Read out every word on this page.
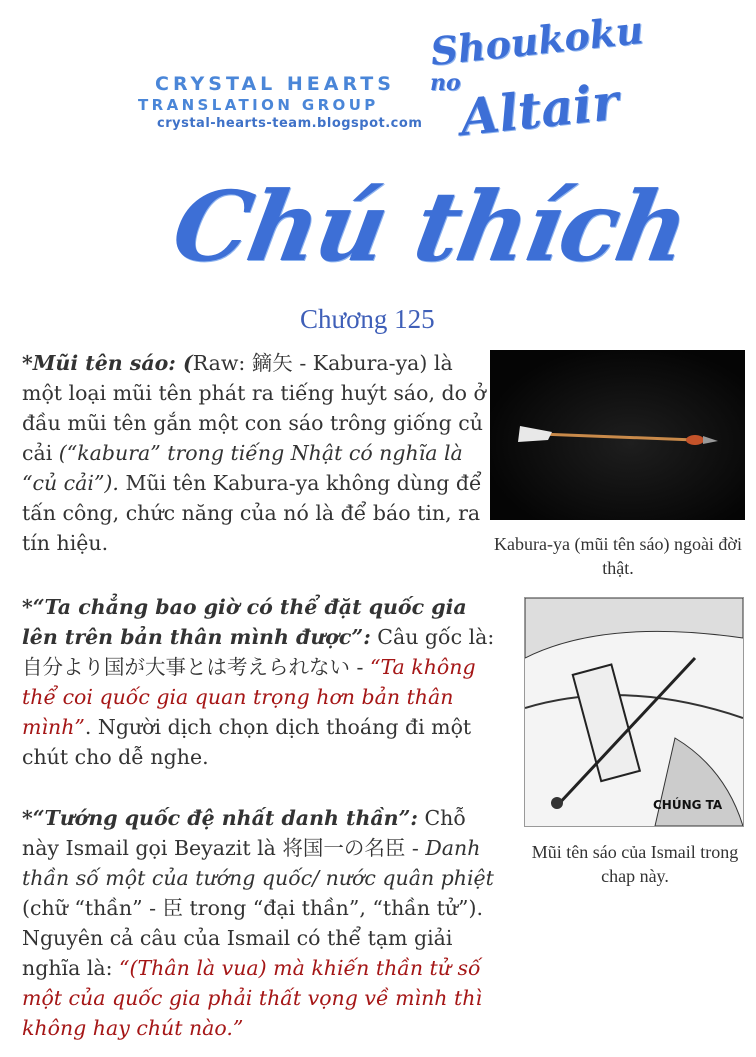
CRYSTAL HEARTS
TRANSLATION GROUP
crystal-hearts-team.blogspot.com
Shoukoku
no
Altair
Chú thích
Chương 125
*Mũi tên sáo: (Raw: 鏑矢 - Kabura-ya) là một loại mũi tên phát ra tiếng huýt sáo, do ở đầu mũi tên gắn một con sáo trông giống củ cải (“kabura” trong tiếng Nhật có nghĩa là “củ cải”). Mũi tên Kabura-ya không dùng để tấn công, chức năng của nó là để báo tin, ra tín hiệu.
*“Ta chẳng bao giờ có thể đặt quốc gia lên trên bản thân mình được”: Câu gốc là: 自分より国が大事とは考えられない - “Ta không thể coi quốc gia quan trọng hơn bản thân mình”. Người dịch chọn dịch thoáng đi một chút cho dễ nghe.
*“Tướng quốc đệ nhất danh thần”: Chỗ này Ismail gọi Beyazit là 将国一の名臣 - Danh thần số một của tướng quốc/ nước quân phiệt (chữ “thần” - 臣 trong “đại thần”, “thần tử”). Nguyên cả câu của Ismail có thể tạm giải nghĩa là: “(Thân là vua) mà khiến thần tử số một của quốc gia phải thất vọng về mình thì không hay chút nào.”
Kabura-ya (mũi tên sáo) ngoài đời thật.
CHÚNG TA
Mũi tên sáo của Ismail trong chap này.
